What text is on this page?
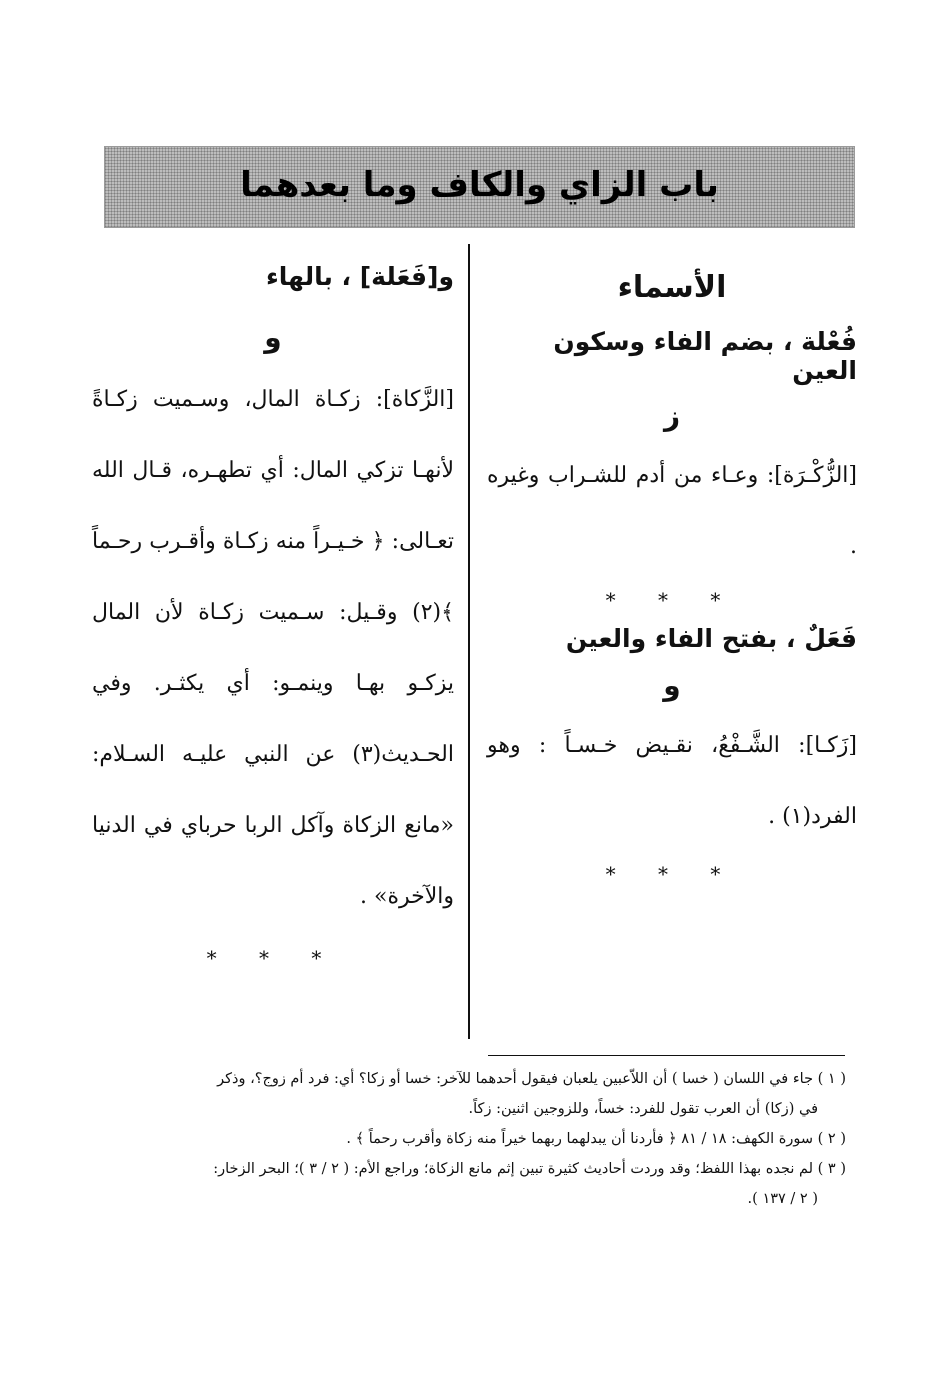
باب الزاي والكاف وما بعدهما

الأسماء

فُعْلة ، بضم الفاء وسكون العين

ز

[الزُّكْـرَة]: وعـاء من أدم للشـراب وغيره .

* * *

فَعَلٌ ، بفتح الفاء والعين

و

[زَكـا]: الشَّـفْعُ، نقـيض خـسـاً : وهو الفرد(١) .

* * *

و[فَعَلة] ، بالهاء

و

[الزَّكاة]: زكـاة المال، وسـميت زكـاةً لأنهـا تزكي المال: أي تطهـره، قـال الله تعـالى: ﴿ خـيـراً منه زكـاة وأقـرب رحـماً ﴾(٢) وقـيل: سـميت زكـاة لأن المال يزكـو بهـا وينمـو: أي يكثـر. وفي الحـديث(٣) عن النبي عليـه السـلام: «مانع الزكاة وآكل الربا حرباي في الدنيا والآخرة» .

* * *

( ١ ) جاء في اللسان ( خسا ) أن اللاّعبين يلعبان فيقول أحدهما للآخر: خسا أو زكا؟ أي: فرد أم زوج؟، وذكر

في (زكا) أن العرب تقول للفرد: خساً، وللزوجين اثنين: زكاً.

( ٢ ) سورة الكهف: ١٨ / ٨١ ﴿ فأردنا أن يبدلهما ربهما خيراً منه زكاة وأقرب رحماً ﴾ .

( ٣ ) لم نجده بهذا اللفظ؛ وقد وردت أحاديث كثيرة تبين إثم مانع الزكاة؛ وراجع الأم: ( ٢ / ٣ )؛ البحر الزخار:

( ٢ / ١٣٧ ).
